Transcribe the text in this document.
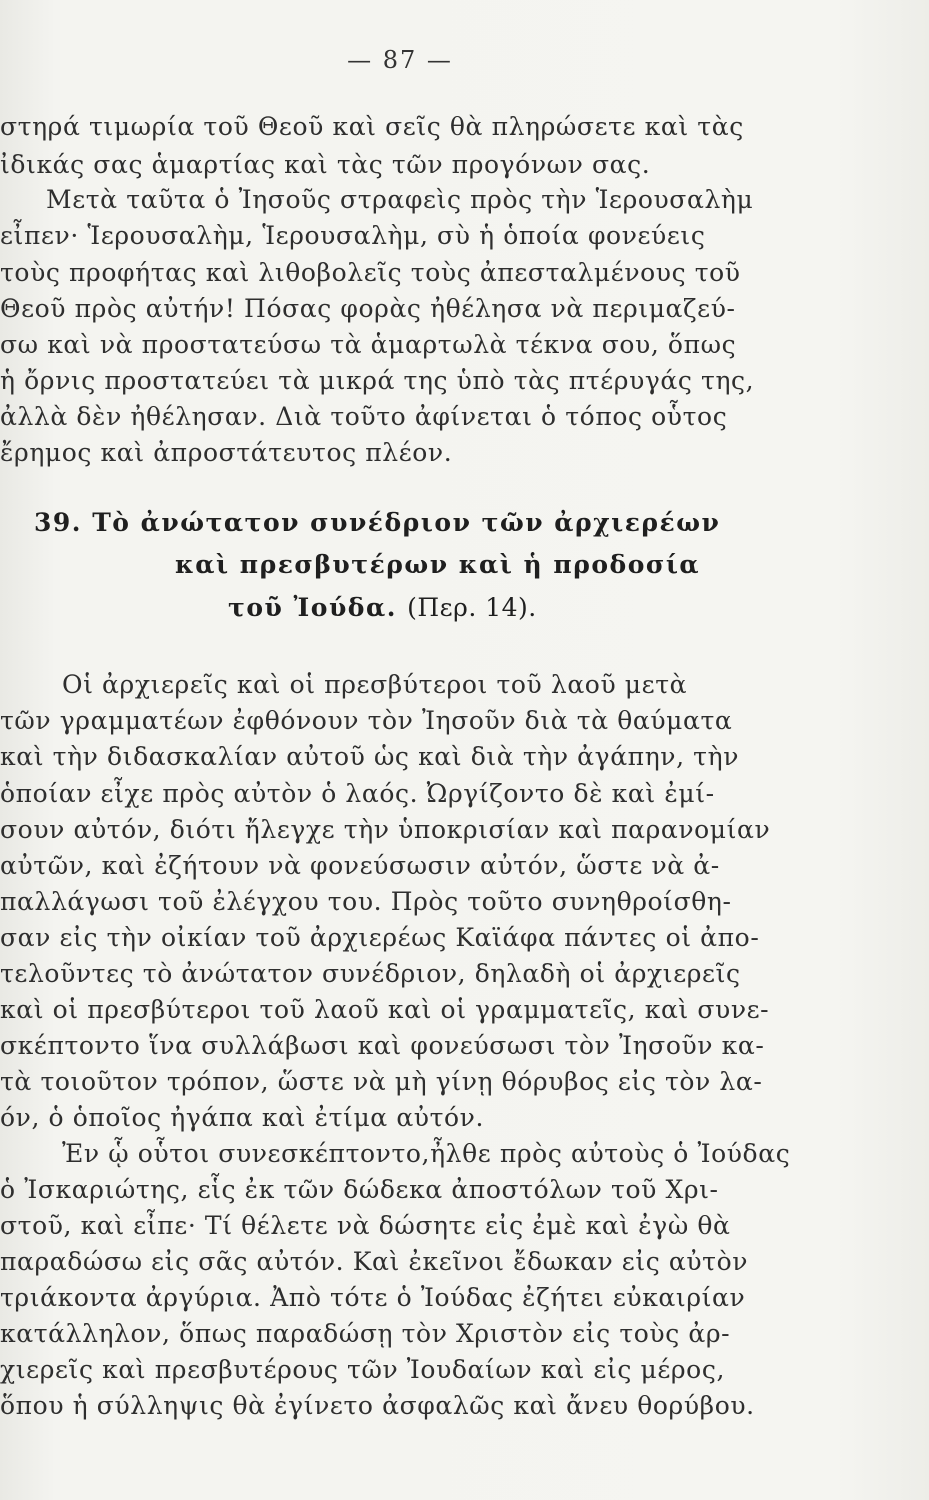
— 87 —
στηρά τιμωρία τοῦ Θεοῦ καὶ σεῖς θὰ πληρώσετε καὶ τὰς
ἰδικάς σας ἁμαρτίας καὶ τὰς τῶν προγόνων σας.
Μετὰ ταῦτα ὁ Ἰησοῦς στραφεὶς πρὸς τὴν Ἱερουσαλὴμ
εἶπεν· Ἱερουσαλὴμ, Ἱερουσαλὴμ, σὺ ἡ ὁποία φονεύεις
τοὺς προφήτας καὶ λιθοβολεῖς τοὺς ἀπεσταλμένους τοῦ
Θεοῦ πρὸς αὐτήν! Πόσας φορὰς ἠθέλησα νὰ περιμαζεύ-
σω καὶ νὰ προστατεύσω τὰ ἁμαρτωλὰ τέκνα σου, ὅπως
ἡ ὄρνις προστατεύει τὰ μικρά της ὑπὸ τὰς πτέρυγάς της,
ἀλλὰ δὲν ἠθέλησαν. Διὰ τοῦτο ἀφίνεται ὁ τόπος οὗτος
ἔρημος καὶ ἀπροστάτευτος πλέον.
39. Τὸ ἀνώτατον συνέδριον τῶν ἀρχιερέων
καὶ πρεσβυτέρων καὶ ἡ προδοσία
τοῦ Ἰούδα. (Περ. 14).
Οἱ ἀρχιερεῖς καὶ οἱ πρεσβύτεροι τοῦ λαοῦ μετὰ
τῶν γραμματέων ἐφθόνουν τὸν Ἰησοῦν διὰ τὰ θαύματα
καὶ τὴν διδασκαλίαν αὐτοῦ ὡς καὶ διὰ τὴν ἀγάπην, τὴν
ὁποίαν εἶχε πρὸς αὐτὸν ὁ λαός. Ὠργίζοντο δὲ καὶ ἐμί-
σουν αὐτόν, διότι ἤλεγχε τὴν ὑποκρισίαν καὶ παρανομίαν
αὐτῶν, καὶ ἐζήτουν νὰ φονεύσωσιν αὐτόν, ὥστε νὰ ἀ-
παλλάγωσι τοῦ ἐλέγχου του. Πρὸς τοῦτο συνηθροίσθη-
σαν εἰς τὴν οἰκίαν τοῦ ἀρχιερέως Καϊάφα πάντες οἱ ἀπο-
τελοῦντες τὸ ἀνώτατον συνέδριον, δηλαδὴ οἱ ἀρχιερεῖς
καὶ οἱ πρεσβύτεροι τοῦ λαοῦ καὶ οἱ γραμματεῖς, καὶ συνε-
σκέπτοντο ἵνα συλλάβωσι καὶ φονεύσωσι τὸν Ἰησοῦν κα-
τὰ τοιοῦτον τρόπον, ὥστε νὰ μὴ γίνῃ θόρυβος εἰς τὸν λα-
όν, ὁ ὁποῖος ἠγάπα καὶ ἐτίμα αὐτόν.
Ἐν ᾧ οὗτοι συνεσκέπτοντο,ἦλθε πρὸς αὐτοὺς ὁ Ἰούδας
ὁ Ἰσκαριώτης, εἷς ἐκ τῶν δώδεκα ἀποστόλων τοῦ Χρι-
στοῦ, καὶ εἶπε· Τί θέλετε νὰ δώσητε εἰς ἐμὲ καὶ ἐγὼ θὰ
παραδώσω εἰς σᾶς αὐτόν. Καὶ ἐκεῖνοι ἔδωκαν εἰς αὐτὸν
τριάκοντα ἀργύρια. Ἀπὸ τότε ὁ Ἰούδας ἐζήτει εὐκαιρίαν
κατάλληλον, ὅπως παραδώσῃ τὸν Χριστὸν εἰς τοὺς ἀρ-
χιερεῖς καὶ πρεσβυτέρους τῶν Ἰουδαίων καὶ εἰς μέρος,
ὅπου ἡ σύλληψις θὰ ἐγίνετο ἀσφαλῶς καὶ ἄνευ θορύβου.
